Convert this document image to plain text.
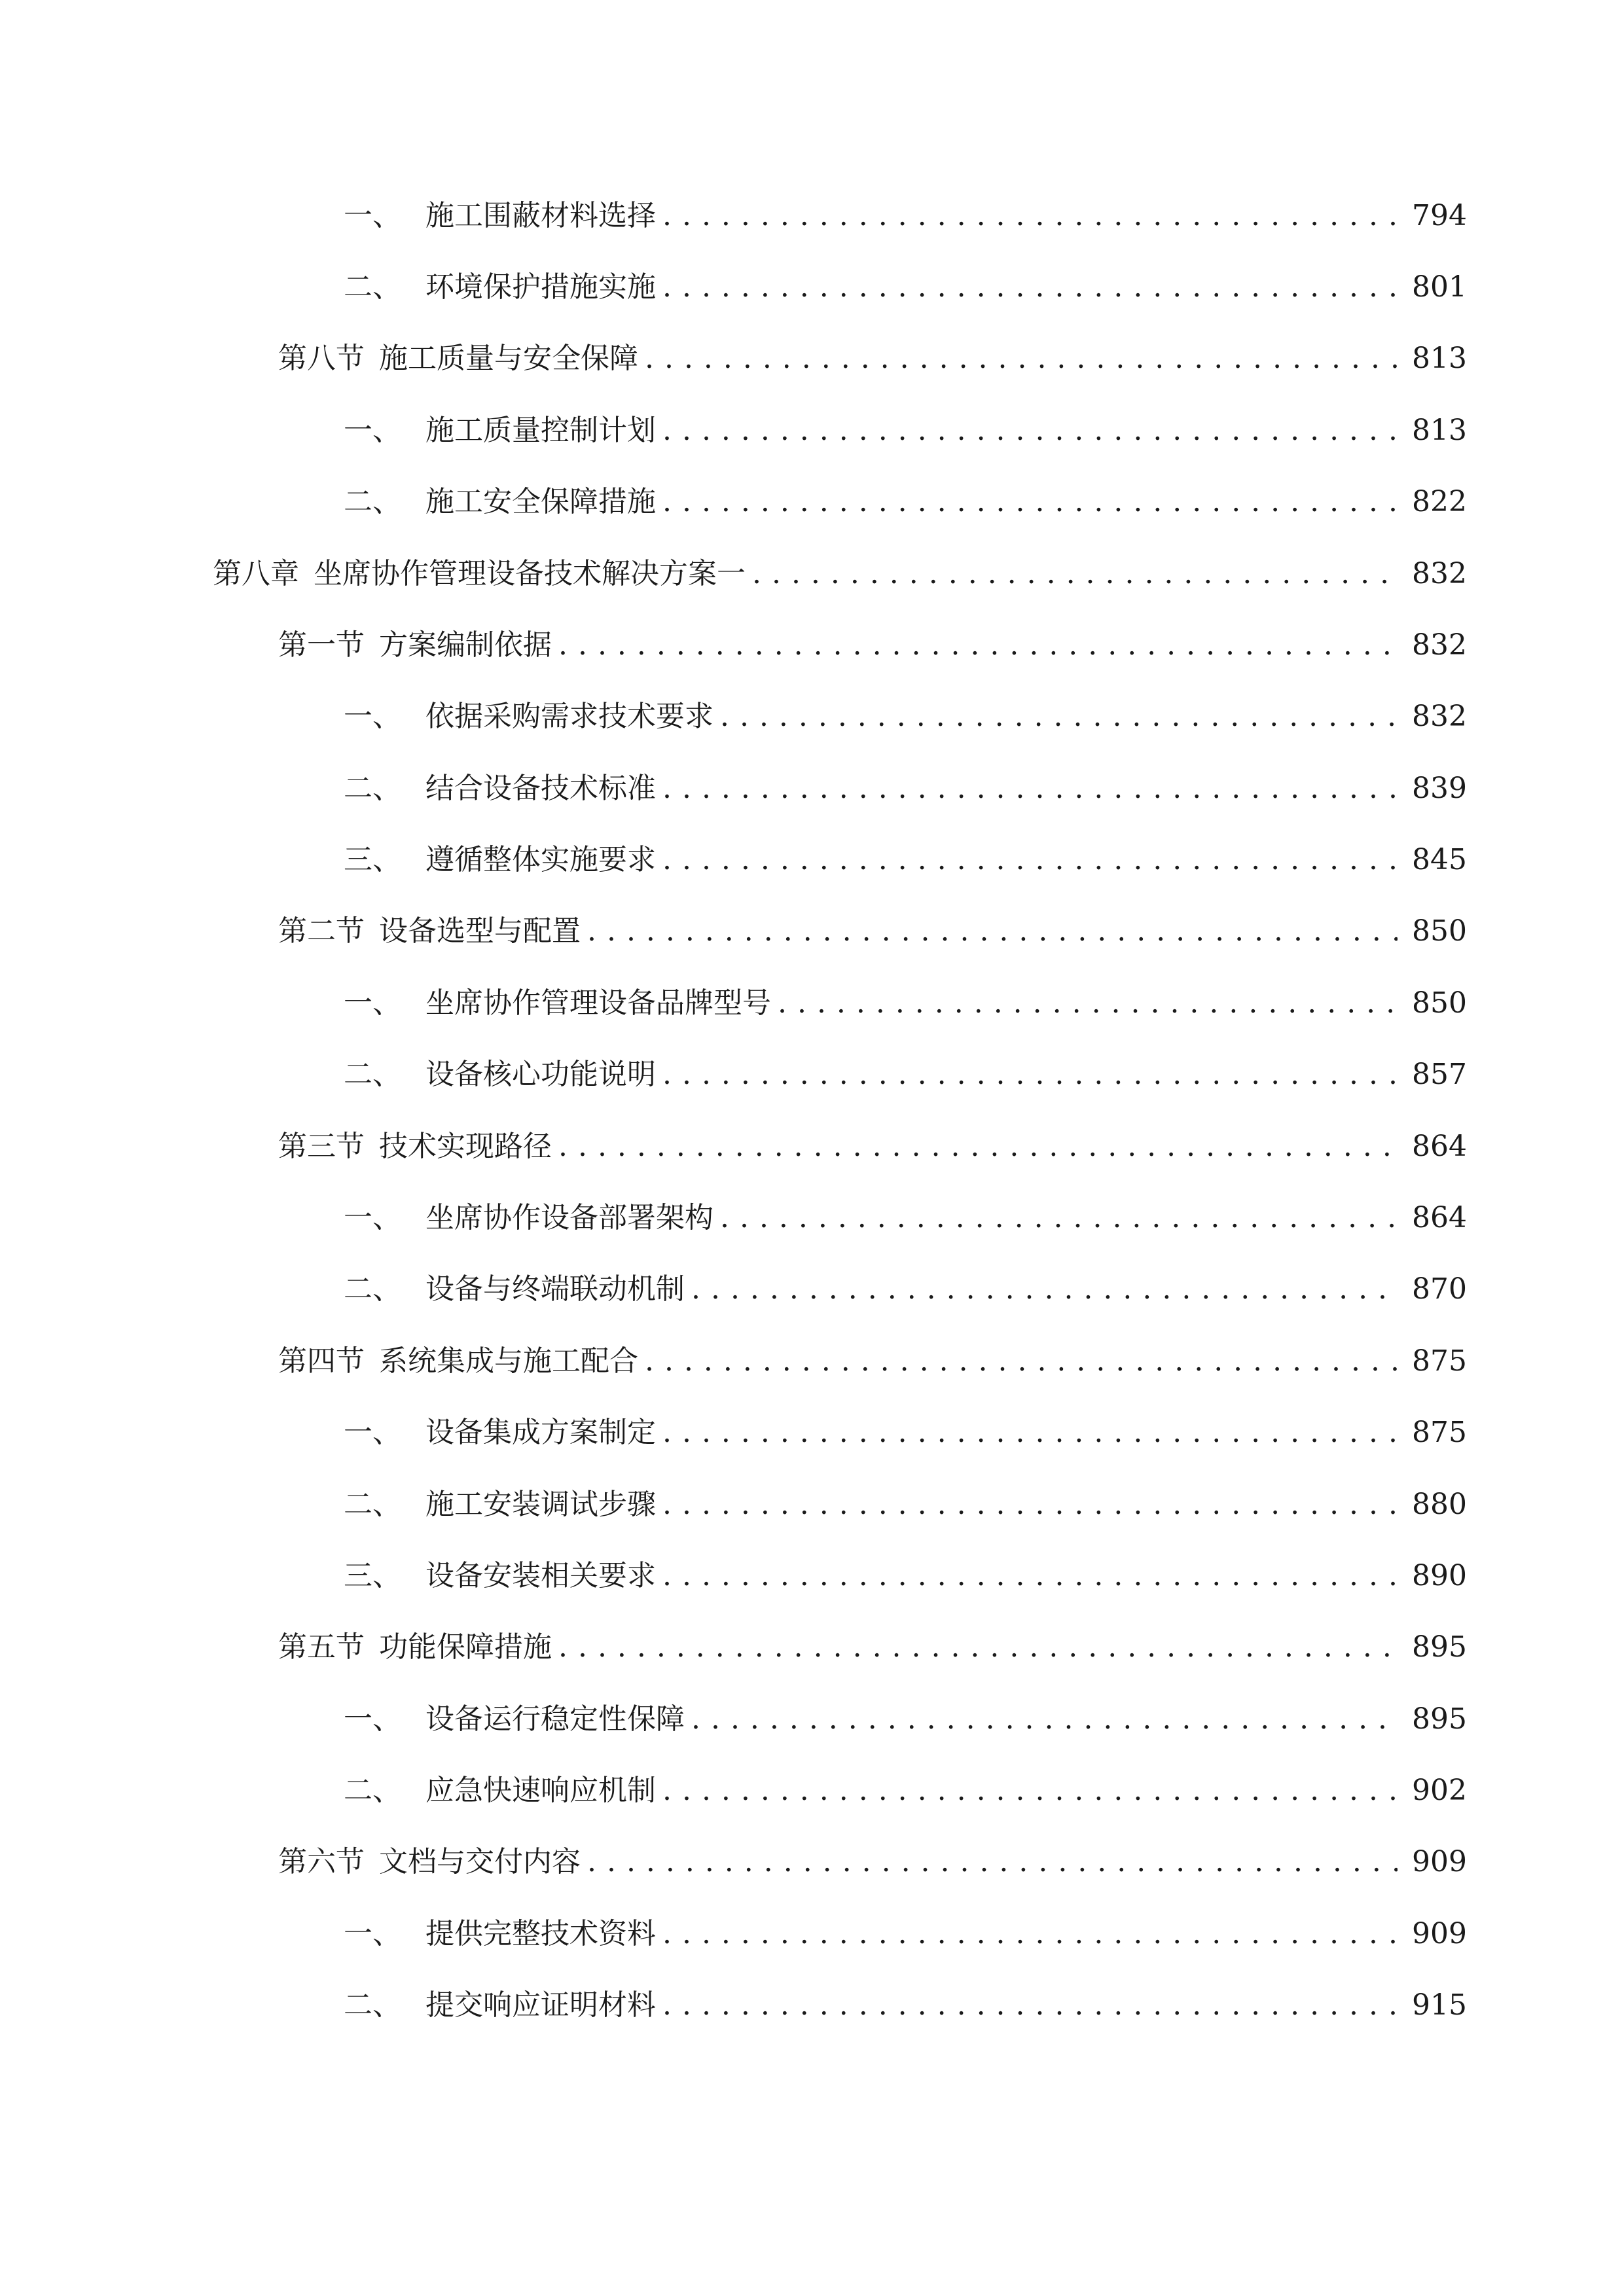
一、 施工围蔽材料选择 . . .	794
二、 环境保护措施实施 . . .	801
第八节 施工质量与安全保障 . . .	813
一、 施工质量控制计划 . . .	813
二、 施工安全保障措施 . . .	822
第八章 坐席协作管理设备技术解决方案一 . . .	832
第一节 方案编制依据 . . .	832
一、 依据采购需求技术要求 . . .	832
二、 结合设备技术标准 . . .	839
三、 遵循整体实施要求 . . .	845
第二节 设备选型与配置 . . .	850
一、 坐席协作管理设备品牌型号 . . .	850
二、 设备核心功能说明 . . .	857
第三节 技术实现路径 . . .	864
一、 坐席协作设备部署架构 . . .	864
二、 设备与终端联动机制 . . .	870
第四节 系统集成与施工配合 . . .	875
一、 设备集成方案制定 . . .	875
二、 施工安装调试步骤 . . .	880
三、 设备安装相关要求 . . .	890
第五节 功能保障措施 . . .	895
一、 设备运行稳定性保障 . . .	895
二、 应急快速响应机制 . . .	902
第六节 文档与交付内容 . . .	909
一、 提供完整技术资料 . . .	909
二、 提交响应证明材料 . . .	915
